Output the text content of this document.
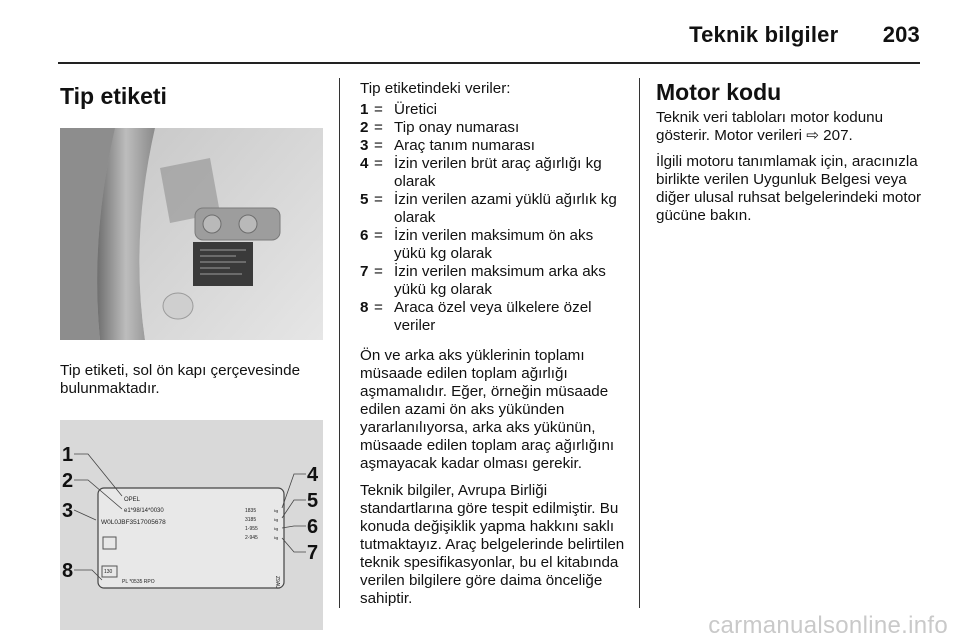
Teknik bilgiler 203
Tip etiketi

Tip etiketi, sol ön kapı çerçevesinde bulunmaktadır.

OPEL
e1*98/14*0030
W0L0JBF3517005678
1835
3185
1-955
2-945
kg
kg
kg
kg
PL *0535 RPO
130
Z9AU
1
2
3
4
5
6
7
8

Tip etiketindeki veriler:

1 = Üretici
2 = Tip onay numarası
3 = Araç tanım numarası
4 = İzin verilen brüt araç ağırlığı kg olarak
5 = İzin verilen azami yüklü ağırlık kg olarak
6 = İzin verilen maksimum ön aks yükü kg olarak
7 = İzin verilen maksimum arka aks yükü kg olarak
8 = Araca özel veya ülkelere özel veriler

Ön ve arka aks yüklerinin toplamı müsaade edilen toplam ağırlığı aşmamalıdır. Eğer, örneğin müsaade edilen azami ön aks yükünden yararlanılıyorsa, arka aks yükünün, müsaade edilen toplam araç ağırlığını aşmayacak kadar olması gerekir.

Teknik bilgiler, Avrupa Birliği standartlarına göre tespit edilmiştir. Bu konuda değişiklik yapma hakkını saklı tutmaktayız. Araç belgelerinde belirtilen teknik spesifikasyonlar, bu el kitabında verilen bilgilere göre daima önceliğe sahiptir.

Motor kodu

Teknik veri tabloları motor kodunu gösterir. Motor verileri ⇨ 207.

İlgili motoru tanımlamak için, aracınızla birlikte verilen Uygunluk Belgesi veya diğer ulusal ruhsat belgelerindeki motor gücüne bakın.

carmanualsonline.info
